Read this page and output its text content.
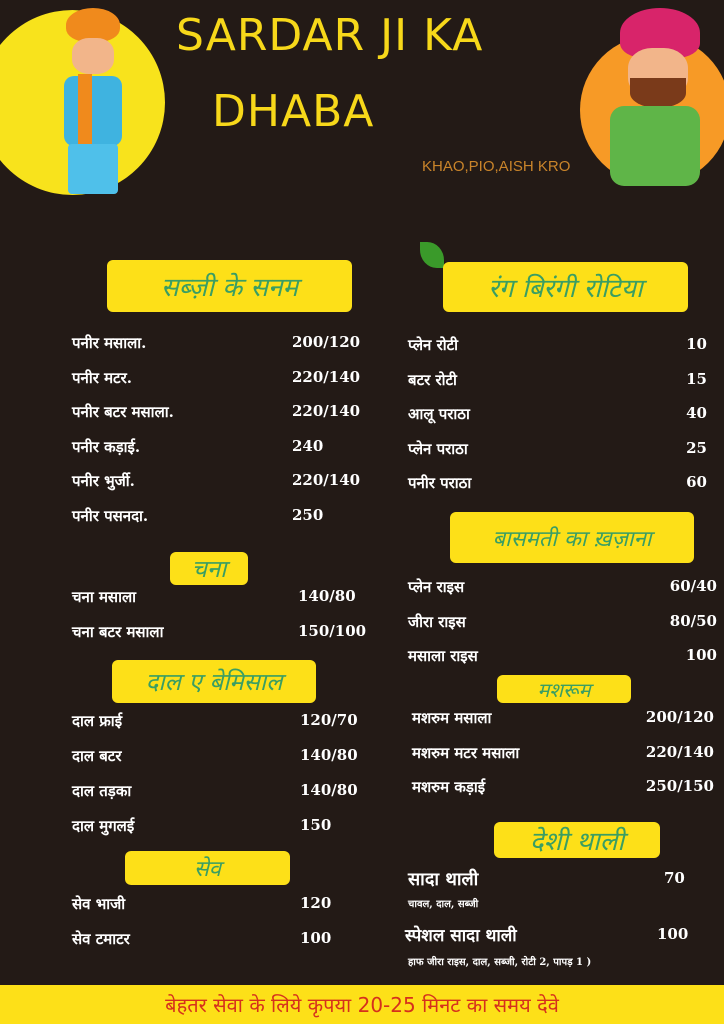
SARDAR JI KA
DHABA
KHAO,PIO,AISH KRO
सब्ज़ी के सनम
पनीर मसाला.	200/120
पनीर मटर.	220/140
पनीर बटर मसाला.	220/140
पनीर कड़ाई.	240
पनीर भुर्जी.	220/140
पनीर पसनदा.	250
चना
चना मसाला	140/80
चना बटर मसाला	150/100
दाल ए बेमिसाल
दाल फ्राई	120/70
दाल बटर	140/80
दाल तड़का	140/80
दाल मुगलई	150
सेव
सेव भाजी	120
सेव टमाटर	100
रंग बिरंगी रोटिया
प्लेन रोटी	10
बटर रोटी	15
आलू पराठा	40
प्लेन पराठा	25
पनीर पराठा	60
बासमती का ख़ज़ाना
प्लेन राइस	60/40
जीरा राइस	80/50
मसाला राइस	100
मशरूम
मशरुम मसाला	200/120
मशरुम मटर मसाला	220/140
मशरुम कड़ाई	250/150
देशी थाली
सादा थाली	70
चावल, दाल, सब्जी
स्पेशल सादा थाली	100
हाफ जीरा राइस, दाल, सब्जी, रोटी 2, पापड़ 1 )
बेहतर सेवा के लिये कृपया 20-25 मिनट का समय देवे
